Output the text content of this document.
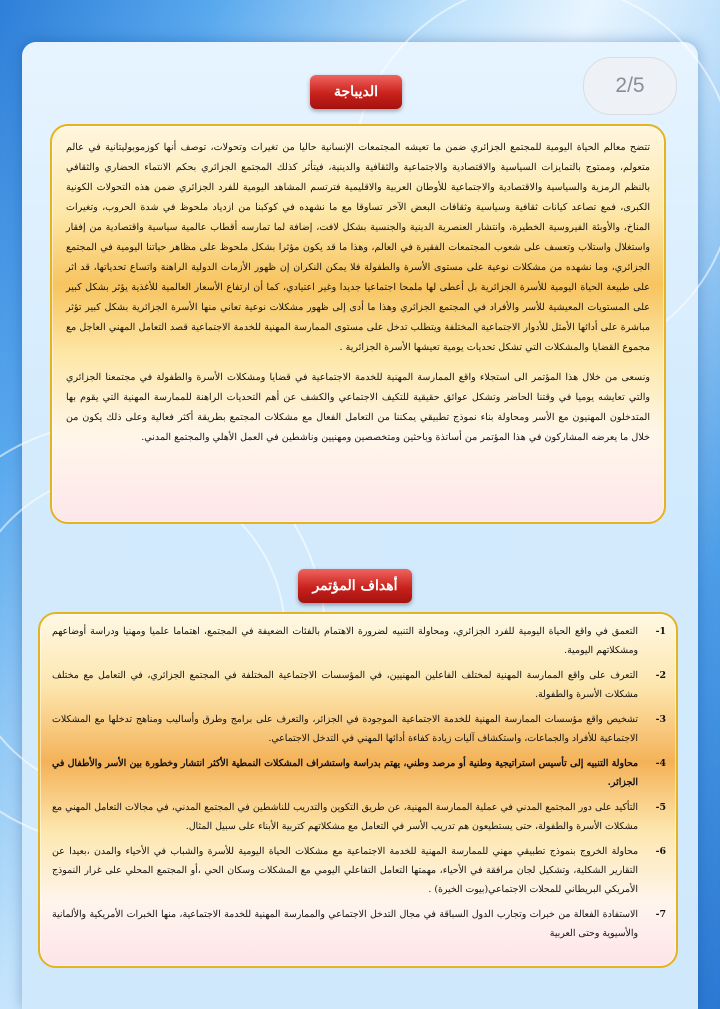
2/5
الديباجة

تتضح معالم الحياة اليومية للمجتمع الجزائري ضمن ما تعيشه المجتمعات الإنسانية حاليا من تغيرات وتحولات، توصف أنها كوزموبوليتانية في عالم متعولم، وممتوج بالتمايزات السياسية والاقتصادية والاجتماعية والثقافية والدينية، فيتأثر كذلك المجتمع الجزائري بحكم الانتماء الحضاري والثقافي بالنظم الرمزية والسياسية والاقتصادية والاجتماعية للأوطان العربية والاقليمية فترتسم المشاهد اليومية للفرد الجزائري ضمن هذه التحولات الكونية الكبرى، فمع تصاعد كيانات ثقافية وسياسية وثقافات البعض الآخر تساوقا مع ما نشهده في كوكبنا من ازدياد ملحوظ في شدة الحروب، وتغيرات المناخ، والأوبئة الفيروسية الخطيرة، وانتشار العنصرية الدينية والجنسية بشكل لافت، إضافة لما تمارسه أقطاب عالمية سياسية واقتصادية من إفقار واستغلال واستلاب وتعسف على شعوب المجتمعات الفقيرة في العالم، وهذا ما قد يكون مؤثرا بشكل ملحوظ على مظاهر حياتنا اليومية في المجتمع الجزائري، وما نشهده من مشكلات نوعية على مستوى الأسرة والطفولة فلا يمكن النكران إن ظهور الأزمات الدولية الراهنة واتساع تحدياتها، قد اثر على طبيعة الحياة اليومية للأسرة الجزائرية بل أعطى لها ملمحا اجتماعيا جديدا وغير اعتيادي، كما أن ارتفاع الأسعار العالمية للأغذية يؤثر بشكل كبير على المستويات المعيشية للأسر والأفراد في المجتمع الجزائري وهذا ما أدى إلى ظهور مشكلات نوعية تعاني منها الأسرة الجزائرية بشكل كبير تؤثر مباشرة على أدائها الأمثل للأدوار الاجتماعية المختلفة ويتطلب تدخل على مستوى الممارسة المهنية للخدمة الاجتماعية قصد التعامل المهني العاجل مع مجموع القضايا والمشكلات التي تشكل تحديات يومية تعيشها الأسرة الجزائرية .

ونسعى من خلال هذا المؤتمر الى استجلاء واقع الممارسة المهنية للخدمة الاجتماعية في قضايا ومشكلات الأسرة والطفولة في مجتمعنا الجزائري والتي تعايشه يوميا في وقتنا الحاضر وتشكل عوائق حقيقية للتكيف الاجتماعي والكشف عن أهم التحديات الراهنة للممارسة المهنية التي يقوم بها المتدخلون المهنيون مع الأسر ومحاولة بناء نموذج تطبيقي يمكننا من التعامل الفعال مع مشكلات المجتمع بطريقة أكثر فعالية وعلى ذلك يكون من خلال ما يعرضه المشاركون في هذا المؤتمر من أساتذة وباحثين ومتخصصين ومهنيين وناشطين في العمل الأهلي والمجتمع المدني.

أهداف المؤتمر
1-
التعمق في واقع الحياة اليومية للفرد الجزائري، ومحاولة التنبيه لضرورة الاهتمام بالفئات الضعيفة في المجتمع، اهتماما علميا ومهنيا ودراسة أوضاعهم ومشكلاتهم اليومية.
2-
التعرف على واقع الممارسة المهنية لمختلف الفاعلين المهنيين، في المؤسسات الاجتماعية المختلفة في المجتمع الجزائري، في التعامل مع مختلف مشكلات الأسرة والطفولة.
3-
تشخيص واقع مؤسسات الممارسة المهنية للخدمة الاجتماعية الموجودة في الجزائر، والتعرف على برامج وطرق وأساليب ومناهج تدخلها مع المشكلات الاجتماعية للأفراد والجماعات، واستكشاف آليات زيادة كفاءة أدائها المهني في التدخل الاجتماعي.
4-
محاولة التنبيه إلى تأسيس استراتيجية وطنية أو مرصد وطني، يهتم بدراسة واستشراف المشكلات النمطية الأكثر انتشار وخطورة بين الأسر والأطفال في الجزائر.
5-
التأكيد على دور المجتمع المدني في عملية الممارسة المهنية، عن طريق التكوين والتدريب للناشطين في المجتمع المدني، في مجالات التعامل المهني مع مشكلات الأسرة والطفولة، حتى يستطيعون هم تدريب الأسر في التعامل مع مشكلاتهم كتربية الأبناء على سبيل المثال.
6-
محاولة الخروج بنموذج تطبيقي مهني للممارسة المهنية للخدمة الاجتماعية مع مشكلات الحياة اليومية للأسرة والشباب في الأحياء والمدن ،بعيدا عن التقارير الشكلية، وتشكيل لجان مرافقة في الأحياء، مهمتها التعامل التفاعلي اليومي مع المشكلات وسكان الحي ،أو المجتمع المحلي على غرار النموذج الأمريكي البريطاني للمحلات الاجتماعي(بيوت الخيرة) .
7-
الاستفادة الفعالة من خبرات وتجارب الدول السباقة في مجال التدخل الاجتماعي والممارسة المهنية للخدمة الاجتماعية، منها الخبرات الأمريكية والألمانية والأسيوية وحتى العربية
